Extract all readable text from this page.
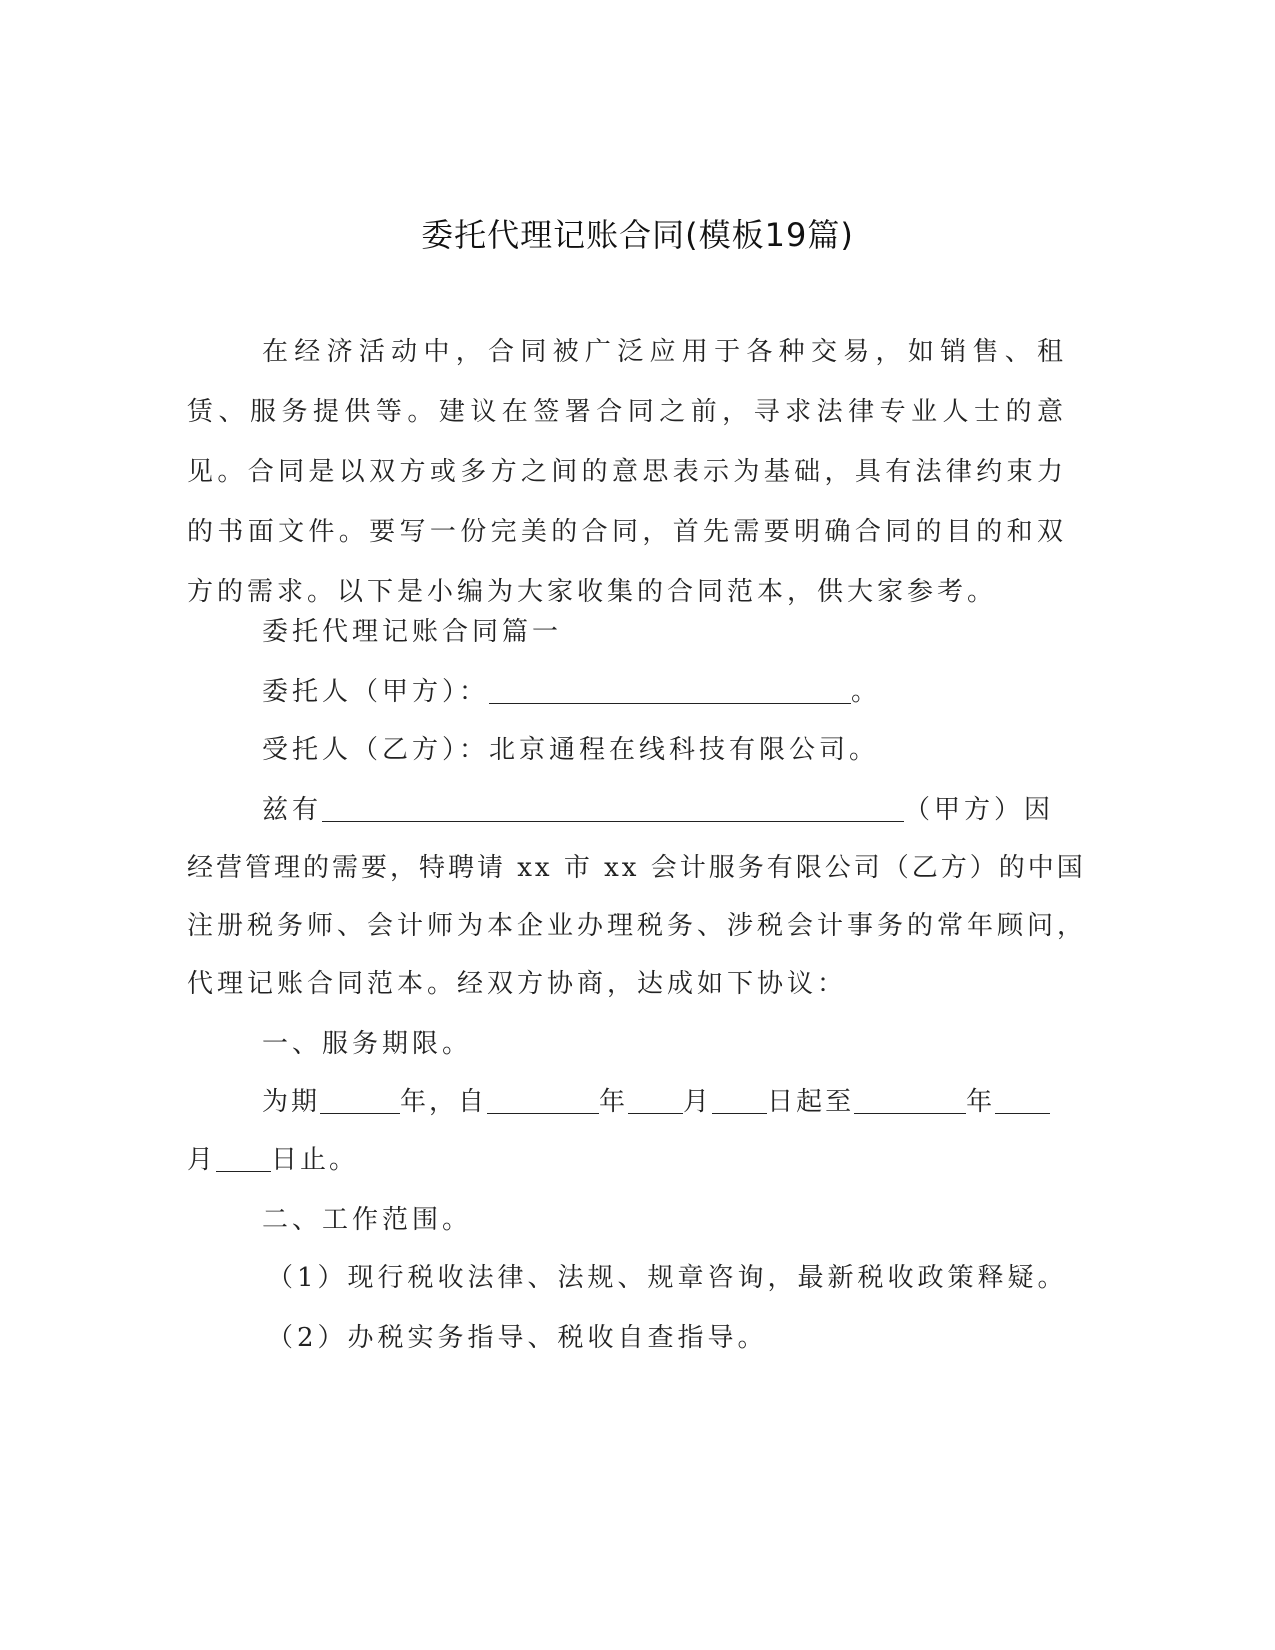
委托代理记账合同(模板19篇)

在经济活动中，合同被广泛应用于各种交易，如销售、租赁、服务提供等。建议在签署合同之前，寻求法律专业人士的意见。合同是以双方或多方之间的意思表示为基础，具有法律约束力的书面文件。要写一份完美的合同，首先需要明确合同的目的和双方的需求。以下是小编为大家收集的合同范本，供大家参考。

委托代理记账合同篇一
委托人（甲方）：	。
受托人（乙方）：北京通程在线科技有限公司。
兹有	（甲方）因
经营管理的需要，特聘请 xx 市 xx 会计服务有限公司（乙方）的中国
注册税务师、会计师为本企业办理税务、涉税会计事务的常年顾问，
代理记账合同范本。经双方协商，达成如下协议：
一、服务期限。
为期	年，自	年 月 日起至	年
月 日止。
二、工作范围。
（1）现行税收法律、法规、规章咨询，最新税收政策释疑。
（2）办税实务指导、税收自查指导。
